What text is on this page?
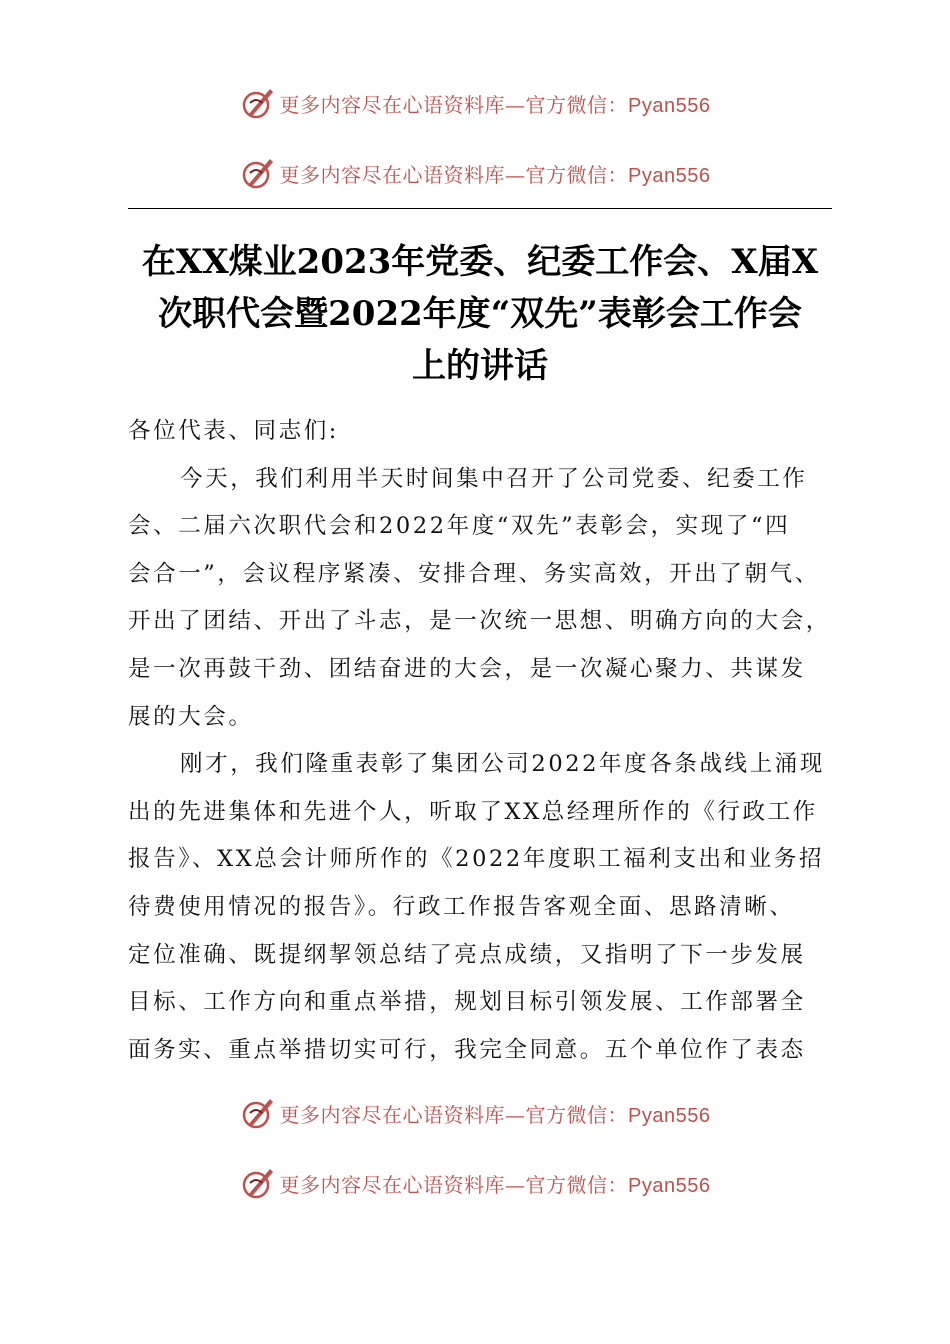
更多内容尽在心语资料库—官方微信：Pyan556
更多内容尽在心语资料库—官方微信：Pyan556
在XX煤业2023年党委、纪委工作会、X届X
次职代会暨2022年度“双先”表彰会工作会
上的讲话
各位代表、同志们:
今天，我们利用半天时间集中召开了公司党委、纪委工作
会、二届六次职代会和2022年度“双先”表彰会，实现了“四
会合一”，会议程序紧凑、安排合理、务实高效，开出了朝气、
开出了团结、开出了斗志，是一次统一思想、明确方向的大会，
是一次再鼓干劲、团结奋进的大会，是一次凝心聚力、共谋发
展的大会。
刚才，我们隆重表彰了集团公司2022年度各条战线上涌现
出的先进集体和先进个人，听取了XX总经理所作的《行政工作
报告》、XX总会计师所作的《2022年度职工福利支出和业务招
待费使用情况的报告》。行政工作报告客观全面、思路清晰、
定位准确、既提纲挈领总结了亮点成绩，又指明了下一步发展
目标、工作方向和重点举措，规划目标引领发展、工作部署全
面务实、重点举措切实可行，我完全同意。五个单位作了表态
更多内容尽在心语资料库—官方微信：Pyan556
更多内容尽在心语资料库—官方微信：Pyan556
